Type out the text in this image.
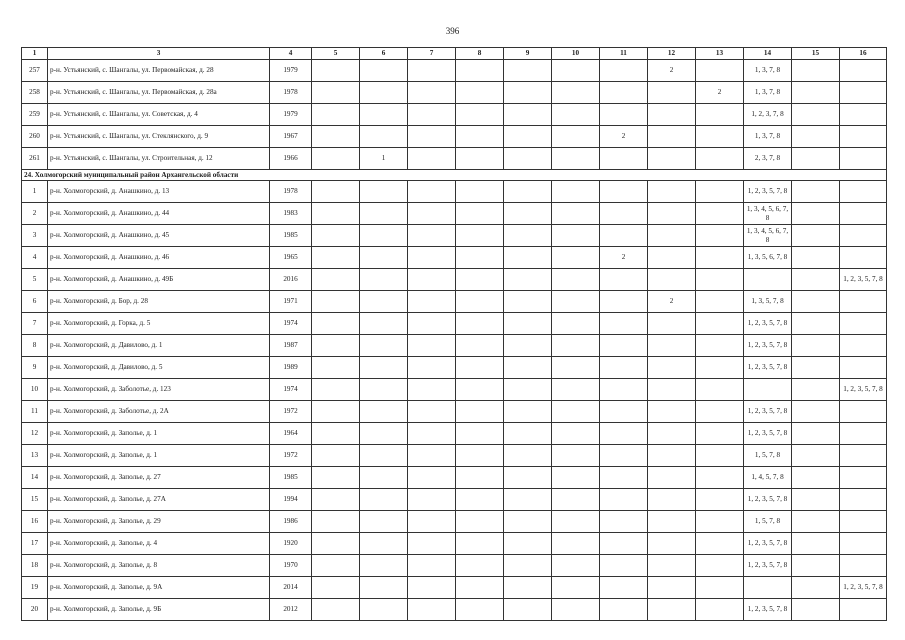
396
1	3	4	5	6	7	8	9	10	11	12	13	14	15	16
257	р-н. Устьянский, с. Шангалы, ул. Первомайская, д. 28	1979								2		1, 3, 7, 8		
258	р-н. Устьянский, с. Шангалы, ул. Первомайская, д. 28а	1978									2	1, 3, 7, 8		
259	р-н. Устьянский, с. Шангалы, ул. Советская, д. 4	1979										1, 2, 3, 7, 8		
260	р-н. Устьянский, с. Шангалы, ул. Стеклянского, д. 9	1967							2			1, 3, 7, 8		
261	р-н. Устьянский, с. Шангалы, ул. Строительная, д. 12	1966		1								2, 3, 7, 8		
24. Холмогорский муниципальный район Архангельской области														
1	р-н. Холмогорский, д. Анашкино, д. 13	1978										1, 2, 3, 5, 7, 8		
2	р-н. Холмогорский, д. Анашкино, д. 44	1983										1, 3, 4, 5, 6, 7, 8		
3	р-н. Холмогорский, д. Анашкино, д. 45	1985										1, 3, 4, 5, 6, 7, 8		
4	р-н. Холмогорский, д. Анашкино, д. 46	1965							2			1, 3, 5, 6, 7, 8		
5	р-н. Холмогорский, д. Анашкино, д. 49Б	2016												1, 2, 3, 5, 7, 8
6	р-н. Холмогорский, д. Бор, д. 28	1971								2		1, 3, 5, 7, 8		
7	р-н. Холмогорский, д. Горка, д. 5	1974										1, 2, 3, 5, 7, 8		
8	р-н. Холмогорский, д. Давилово, д. 1	1987										1, 2, 3, 5, 7, 8		
9	р-н. Холмогорский, д. Давилово, д. 5	1989										1, 2, 3, 5, 7, 8		
10	р-н. Холмогорский, д. Заболотье, д. 123	1974												1, 2, 3, 5, 7, 8
11	р-н. Холмогорский, д. Заболотье, д. 2А	1972										1, 2, 3, 5, 7, 8		
12	р-н. Холмогорский, д. Заполье, д. 1	1964										1, 2, 3, 5, 7, 8		
13	р-н. Холмогорский, д. Заполье, д. 1	1972										1, 5, 7, 8		
14	р-н. Холмогорский, д. Заполье, д. 27	1985										1, 4, 5, 7, 8		
15	р-н. Холмогорский, д. Заполье, д. 27А	1994										1, 2, 3, 5, 7, 8		
16	р-н. Холмогорский, д. Заполье, д. 29	1986										1, 5, 7, 8		
17	р-н. Холмогорский, д. Заполье, д. 4	1920										1, 2, 3, 5, 7, 8		
18	р-н. Холмогорский, д. Заполье, д. 8	1970										1, 2, 3, 5, 7, 8		
19	р-н. Холмогорский, д. Заполье, д. 9А	2014												1, 2, 3, 5, 7, 8
20	р-н. Холмогорский, д. Заполье, д. 9Б	2012										1, 2, 3, 5, 7, 8		
